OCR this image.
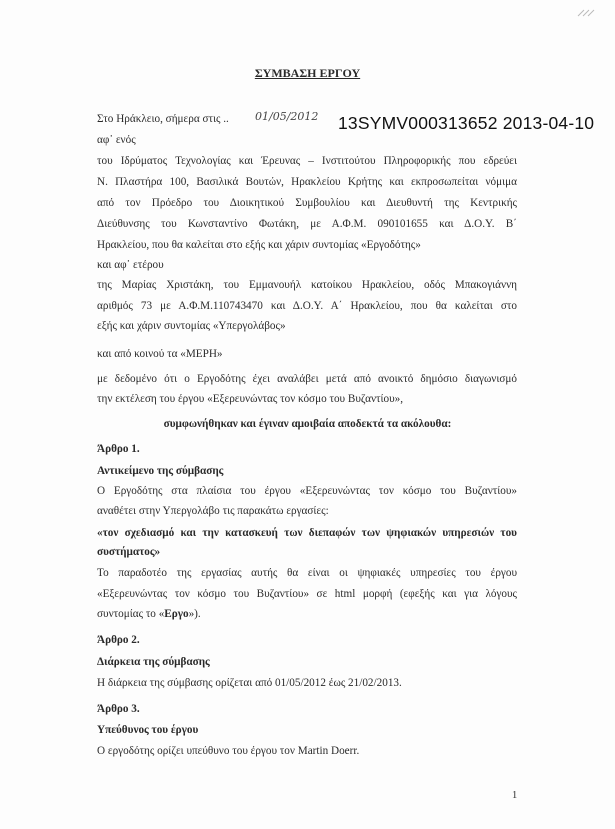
ΣΥΜΒΑΣΗ ΕΡΓΟΥ
Στο Ηράκλειο, σήμερα στις .. 01/05/2012 13SYMV000313652 2013-04-10
αφ᾽ ενός
του Ιδρύματος Τεχνολογίας και Έρευνας – Ινστιτούτου Πληροφορικής που εδρεύει
Ν. Πλαστήρα 100, Βασιλικά Βουτών, Ηρακλείου Κρήτης και εκπροσωπείται νόμιμα
από τον Πρόεδρο του Διοικητικού Συμβουλίου και Διευθυντή της Κεντρικής
Διεύθυνσης του Κωνσταντίνο Φωτάκη, με Α.Φ.Μ. 090101655 και Δ.Ο.Υ. Β΄
Ηρακλείου, που θα καλείται στο εξής και χάριν συντομίας «Εργοδότης»
και αφ᾽ ετέρου
της Μαρίας Χριστάκη, του Εμμανουήλ κατοίκου Ηρακλείου, οδός Μπακογιάννη
αριθμός 73 με Α.Φ.Μ.110743470 και Δ.Ο.Υ. Α΄ Ηρακλείου, που θα καλείται στο
εξής και χάριν συντομίας «Υπεργολάβος»
και από κοινού τα «ΜΕΡΗ»
με δεδομένο ότι ο Εργοδότης έχει αναλάβει μετά από ανοικτό δημόσιο διαγωνισμό
την εκτέλεση του έργου «Εξερευνώντας τον κόσμο του Βυζαντίου»,
συμφωνήθηκαν και έγιναν αμοιβαία αποδεκτά τα ακόλουθα:
Άρθρο 1.
Αντικείμενο της σύμβασης
Ο Εργοδότης στα πλαίσια του έργου «Εξερευνώντας τον κόσμο του Βυζαντίου»
αναθέτει στην Υπεργολάβο τις παρακάτω εργασίες:
«τον σχεδιασμό και την κατασκευή των διεπαφών των ψηφιακών υπηρεσιών του
συστήματος»
Το παραδοτέο της εργασίας αυτής θα είναι οι ψηφιακές υπηρεσίες του έργου
«Εξερευνώντας τον κόσμο του Βυζαντίου» σε html μορφή (εφεξής και για λόγους
συντομίας το «Εργο»).
Άρθρο 2.
Διάρκεια της σύμβασης
Η διάρκεια της σύμβασης ορίζεται από 01/05/2012 έως 21/02/2013.
Άρθρο 3.
Υπεύθυνος του έργου
Ο εργοδότης ορίζει υπεύθυνο του έργου τον Martin Doerr.
1
